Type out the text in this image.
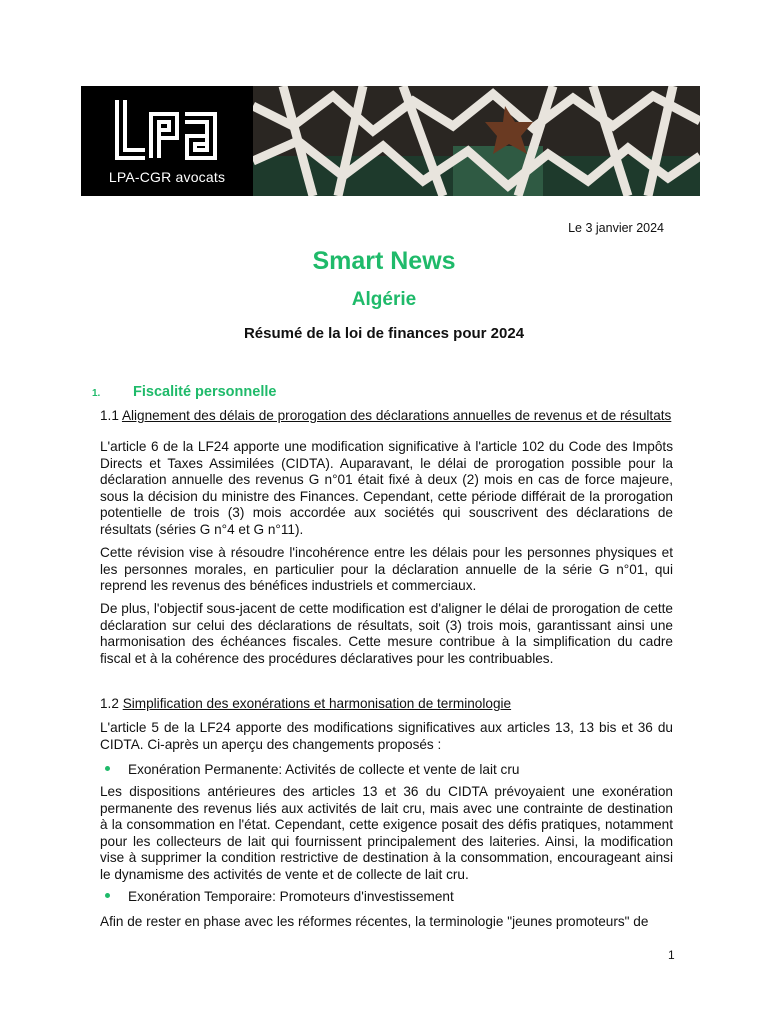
LPA-CGR avocats
Le 3 janvier 2024
Smart News
Algérie
Résumé de la loi de finances pour 2024
1. Fiscalité personnelle
1.1 Alignement des délais de prorogation des déclarations annuelles de revenus et de résultats

L'article 6 de la LF24 apporte une modification significative à l'article 102 du Code des Impôts Directs et Taxes Assimilées (CIDTA). Auparavant, le délai de prorogation possible pour la déclaration annuelle des revenus G n°01 était fixé à deux (2) mois en cas de force majeure, sous la décision du ministre des Finances. Cependant, cette période différait de la prorogation potentielle de trois (3) mois accordée aux sociétés qui souscrivent des déclarations de résultats (séries G n°4 et G n°11).

Cette révision vise à résoudre l'incohérence entre les délais pour les personnes physiques et les personnes morales, en particulier pour la déclaration annuelle de la série G n°01, qui reprend les revenus des bénéfices industriels et commerciaux.

De plus, l'objectif sous-jacent de cette modification est d'aligner le délai de prorogation de cette déclaration sur celui des déclarations de résultats, soit (3) trois mois, garantissant ainsi une harmonisation des échéances fiscales. Cette mesure contribue à la simplification du cadre fiscal et à la cohérence des procédures déclaratives pour les contribuables.

1.2 Simplification des exonérations et harmonisation de terminologie

L'article 5 de la LF24 apporte des modifications significatives aux articles 13, 13 bis et 36 du CIDTA. Ci-après un aperçu des changements proposés :

Exonération Permanente: Activités de collecte et vente de lait cru

Les dispositions antérieures des articles 13 et 36 du CIDTA prévoyaient une exonération permanente des revenus liés aux activités de lait cru, mais avec une contrainte de destination à la consommation en l'état. Cependant, cette exigence posait des défis pratiques, notamment pour les collecteurs de lait qui fournissent principalement des laiteries. Ainsi, la modification vise à supprimer la condition restrictive de destination à la consommation, encourageant ainsi le dynamisme des activités de vente et de collecte de lait cru.

Exonération Temporaire: Promoteurs d'investissement

Afin de rester en phase avec les réformes récentes, la terminologie "jeunes promoteurs" de

1
